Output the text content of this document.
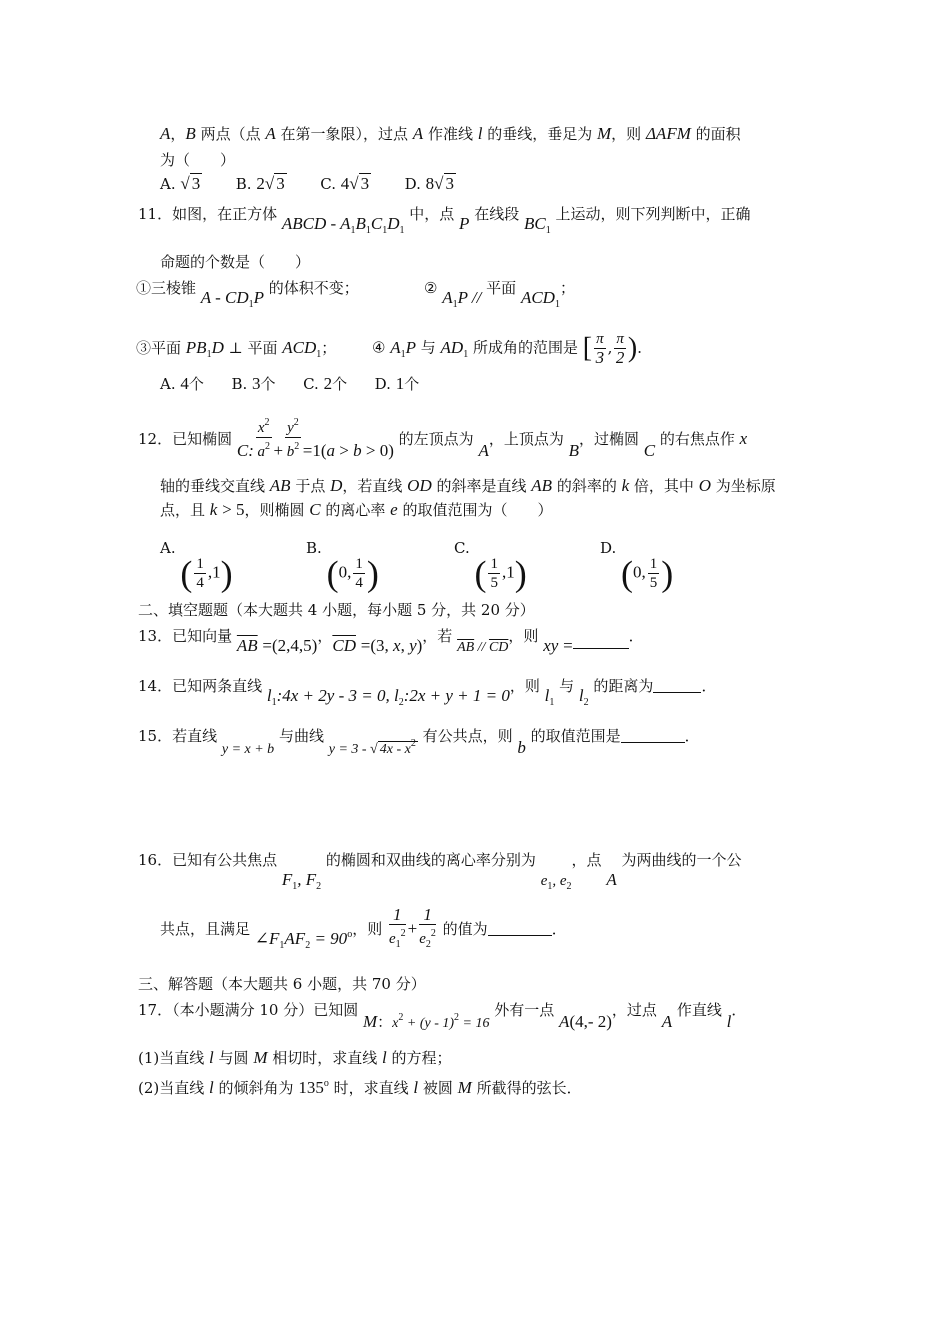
A，B 两点（点 A 在第一象限），过点 A 作准线 l 的垂线，垂足为 M，则 ΔAFM 的面积
为（　　）
A. √ 3 B. 2√ 3 C. 4√ 3 D. 8√ 3
11．如图，在正方体 ABCD - $A_1B_1C_1D_1$ 中，点 P 在线段 $BC_1$ 上运动，则下列判断中，正确
命题的个数是（　　）
①三棱锥 A - $CD_1P$ 的体积不变；	② $A_1P$ // 平面 $ACD_1$；
③平面 $PB_1D$ ⊥ 平面 $ACD_1$； ④ $A_1P$ 与 $AD_1$ 所成角的范围是 [ $\frac{\pi}{3}$ , $\frac{\pi}{2}$ )．
A. 4个 B. 3个 C. 2个 D. 1个
12．已知椭圆 C: $\frac{x^2}{a^2} + \frac{y^2}{b^2} =1(a > b > 0)$ 的左顶点为 A，上顶点为 B，过椭圆 C 的右焦点作 x
轴的垂线交直线 AB 于点 D，若直线 OD 的斜率是直线 AB 的斜率的 k 倍，其中 O 为坐标原
点，且 k > 5，则椭圆 C 的离心率 e 的取值范围为（　　）
A. ( $\frac{1}{4} ,1$)
B. (0, $\frac{1}{4}$ )
C. ( $\frac{1}{5} ,1$)
D. (0, $\frac{1}{5}$ )
二、填空题题（本大题共 4 小题，每小题 5 分，共 20 分）
13．已知向量 $\overline{AB} =(2,4,5)$，$\overline{CD} =(3$, x, y)，若 $\overline{AB} // \overline{CD}$，则 xy =	．
14．已知两条直线 $l_1:4x + 2y - 3 = 0$, $l_2:2x + y + 1 = 0$，则 $l_1$ 与 $l_2$ 的距离为	．
15．若直线 y = x + b 与曲线 y = 3 - √ $4x - x^2$ 有公共点，则 b 的取值范围是	．
16．已知有公共焦点 $F_1$, $F_2$ 的椭圆和双曲线的离心率分别为 $e_1$, $e_2$，点 A 为两曲线的一个公
共点，且满足 $\angle F_1AF_2 = 90^o$，则 $\frac{1}{e_1^2} + \frac{1}{e_2^2}$ 的值为	．
三、解答题（本大题共 6 小题，共 70 分）
17．（本小题满分 10 分）已知圆 M：$x^2 + (y - 1)^2 = 16$ 外有一点 A(4,- 2)，过点 A 作直线 l．
(1)当直线 l 与圆 M 相切时，求直线 l 的方程；
(2)当直线 l 的倾斜角为 135$^o$ 时，求直线 l 被圆 M 所截得的弦长．
